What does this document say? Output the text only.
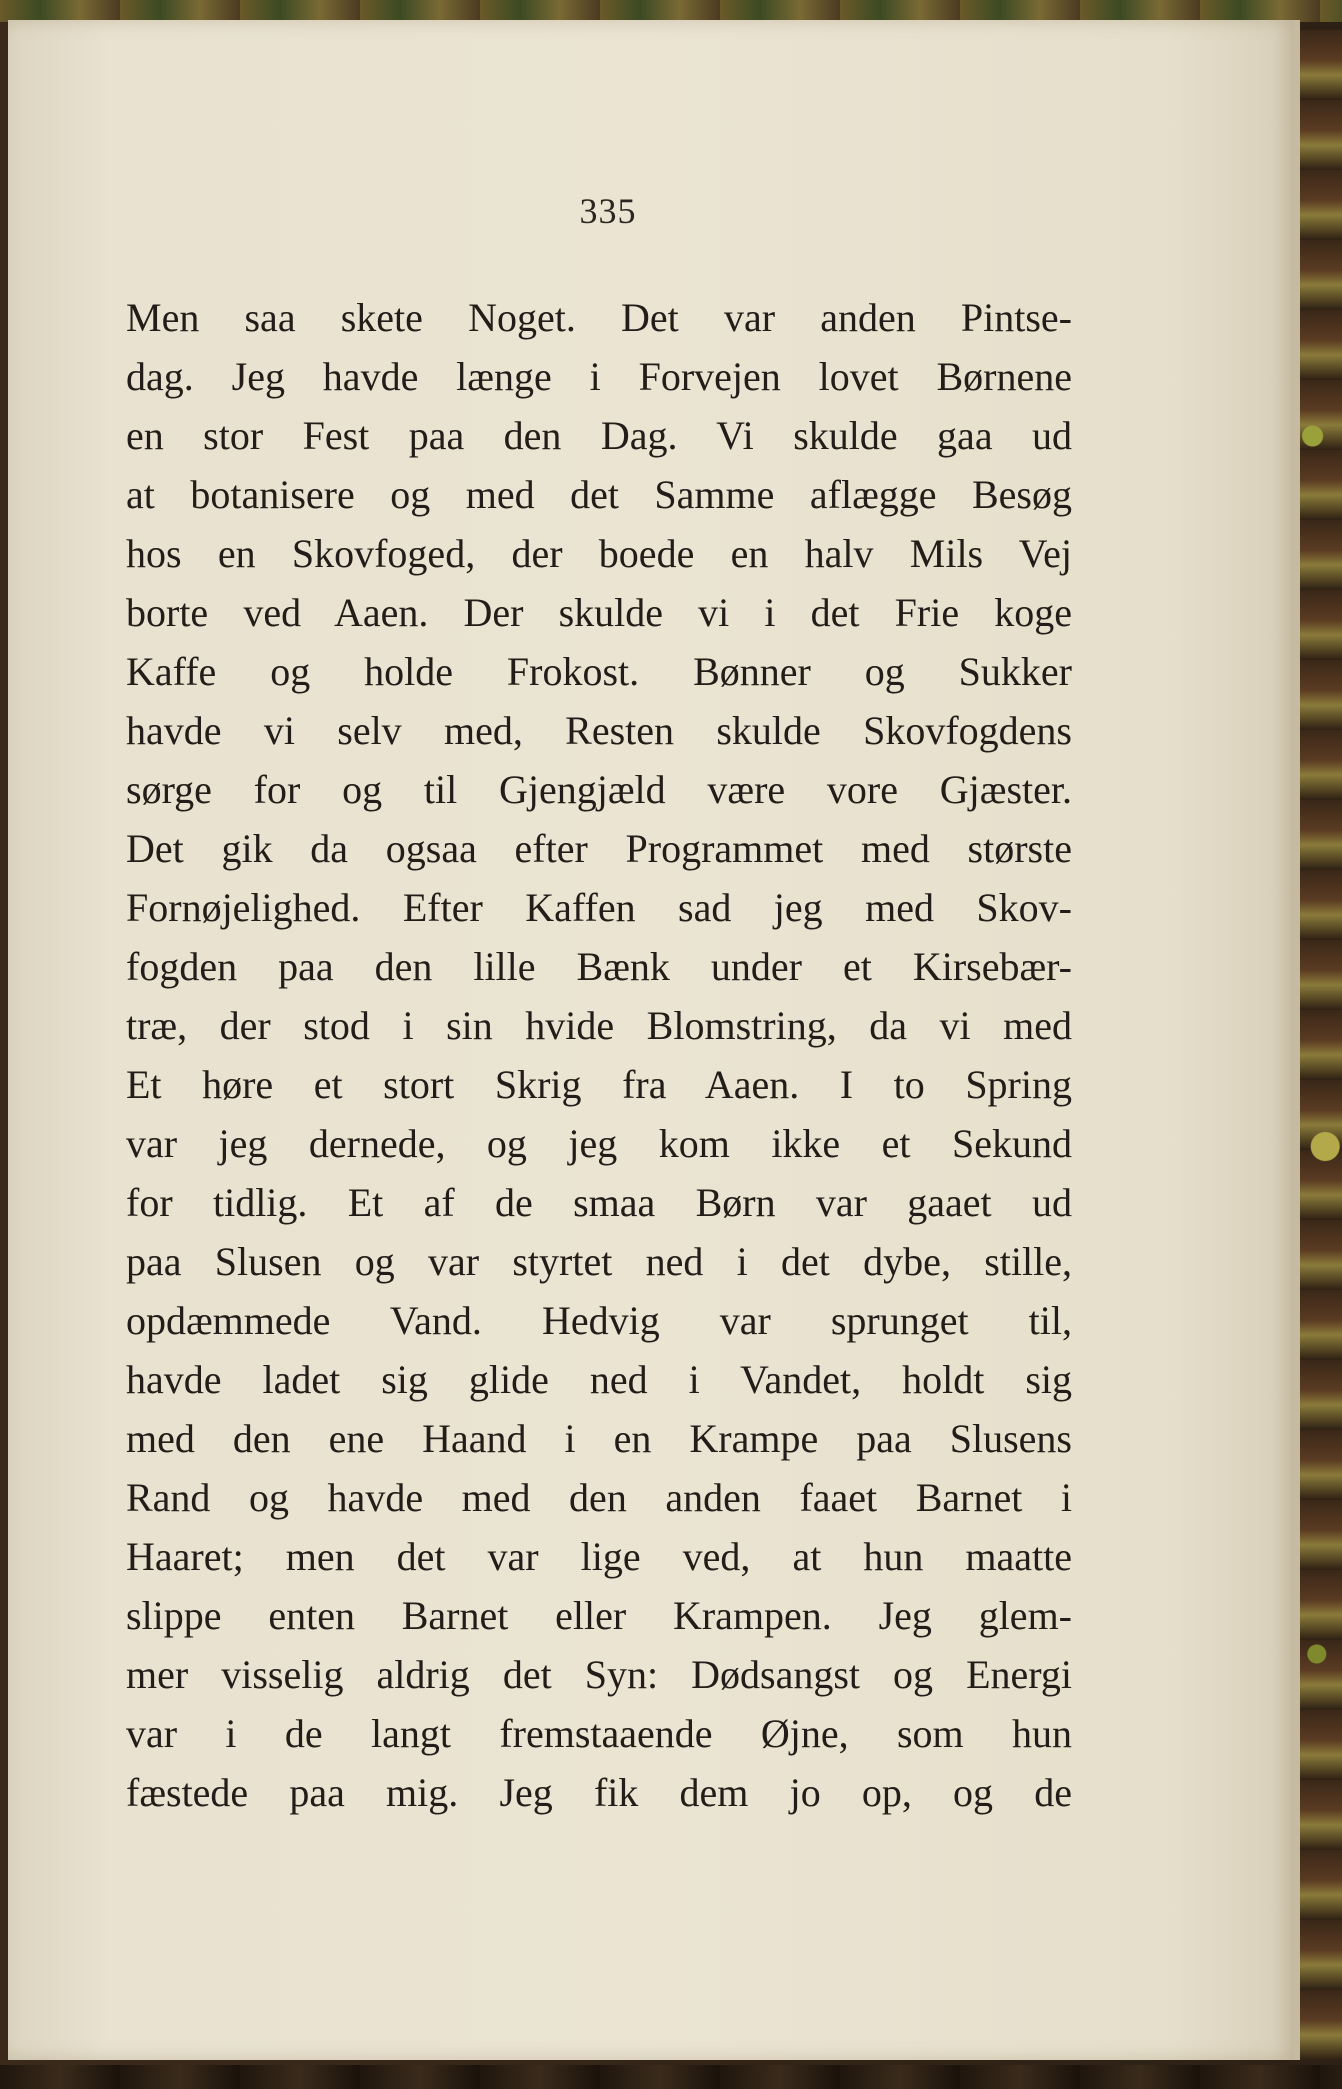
335
Men saa skete Noget. Det var anden Pintse-
dag. Jeg havde længe i Forvejen lovet Børnene
en stor Fest paa den Dag. Vi skulde gaa ud
at botanisere og med det Samme aflægge Besøg
hos en Skovfoged, der boede en halv Mils Vej
borte ved Aaen. Der skulde vi i det Frie koge
Kaffe og holde Frokost. Bønner og Sukker
havde vi selv med, Resten skulde Skovfogdens
sørge for og til Gjengjæld være vore Gjæster.
Det gik da ogsaa efter Programmet med største
Fornøjelighed. Efter Kaffen sad jeg med Skov-
fogden paa den lille Bænk under et Kirsebær-
træ, der stod i sin hvide Blomstring, da vi med
Et høre et stort Skrig fra Aaen. I to Spring
var jeg dernede, og jeg kom ikke et Sekund
for tidlig. Et af de smaa Børn var gaaet ud
paa Slusen og var styrtet ned i det dybe, stille,
opdæmmede Vand. Hedvig var sprunget til,
havde ladet sig glide ned i Vandet, holdt sig
med den ene Haand i en Krampe paa Slusens
Rand og havde med den anden faaet Barnet i
Haaret; men det var lige ved, at hun maatte
slippe enten Barnet eller Krampen. Jeg glem-
mer visselig aldrig det Syn: Dødsangst og Energi
var i de langt fremstaaende Øjne, som hun
fæstede paa mig. Jeg fik dem jo op, og de
